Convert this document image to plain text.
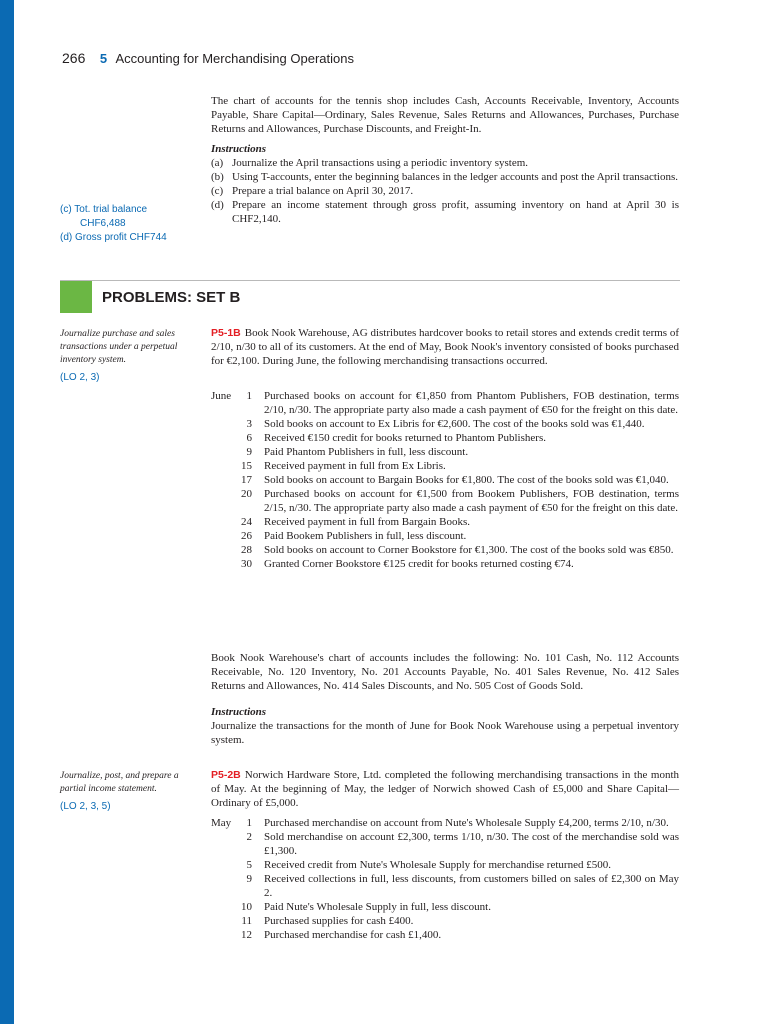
266 5 Accounting for Merchandising Operations

The chart of accounts for the tennis shop includes Cash, Accounts Receivable, Inventory, Accounts Payable, Share Capital—Ordinary, Sales Revenue, Sales Returns and Allowances, Purchases, Purchase Returns and Allowances, Purchase Discounts, and Freight-In.

Instructions

(a) Journalize the April transactions using a periodic inventory system.

(b) Using T-accounts, enter the beginning balances in the ledger accounts and post the April transactions.

(c) Prepare a trial balance on April 30, 2017.

(d) Prepare an income statement through gross profit, assuming inventory on hand at April 30 is CHF2,140.

(c) Tot. trial balance
CHF6,488
(d) Gross profit CHF744
PROBLEMS: SET B
Journalize purchase and sales transactions under a perpetual inventory system.
(LO 2, 3)

P5-1B Book Nook Warehouse, AG distributes hardcover books to retail stores and extends credit terms of 2/10, n/30 to all of its customers. At the end of May, Book Nook's inventory consisted of books purchased for €2,100. During June, the following merchandising transactions occurred.

June	1 Purchased books on account for €1,850 from Phantom Publishers, FOB destination, terms 2/10, n/30. The appropriate party also made a cash payment of €50 for the freight on this date.

3 Sold books on account to Ex Libris for €2,600. The cost of the books sold was €1,440.

6 Received €150 credit for books returned to Phantom Publishers.

9 Paid Phantom Publishers in full, less discount.

15 Received payment in full from Ex Libris.

17 Sold books on account to Bargain Books for €1,800. The cost of the books sold was €1,040.

20 Purchased books on account for €1,500 from Bookem Publishers, FOB destination, terms 2/15, n/30. The appropriate party also made a cash payment of €50 for the freight on this date.

24 Received payment in full from Bargain Books.

26 Paid Bookem Publishers in full, less discount.

28 Sold books on account to Corner Bookstore for €1,300. The cost of the books sold was €850.

30 Granted Corner Bookstore €125 credit for books returned costing €74.

Book Nook Warehouse's chart of accounts includes the following: No. 101 Cash, No. 112 Accounts Receivable, No. 120 Inventory, No. 201 Accounts Payable, No. 401 Sales Revenue, No. 412 Sales Returns and Allowances, No. 414 Sales Discounts, and No. 505 Cost of Goods Sold.

Instructions

Journalize the transactions for the month of June for Book Nook Warehouse using a perpetual inventory system.

Journalize, post, and prepare a partial income statement.
(LO 2, 3, 5)

P5-2B Norwich Hardware Store, Ltd. completed the following merchandising transactions in the month of May. At the beginning of May, the ledger of Norwich showed Cash of £5,000 and Share Capital—Ordinary of £5,000.

May	1 Purchased merchandise on account from Nute's Wholesale Supply £4,200, terms 2/10, n/30.

2 Sold merchandise on account £2,300, terms 1/10, n/30. The cost of the merchandise sold was £1,300.

5 Received credit from Nute's Wholesale Supply for merchandise returned £500.

9 Received collections in full, less discounts, from customers billed on sales of £2,300 on May 2.

10 Paid Nute's Wholesale Supply in full, less discount.

11 Purchased supplies for cash £400.

12 Purchased merchandise for cash £1,400.
